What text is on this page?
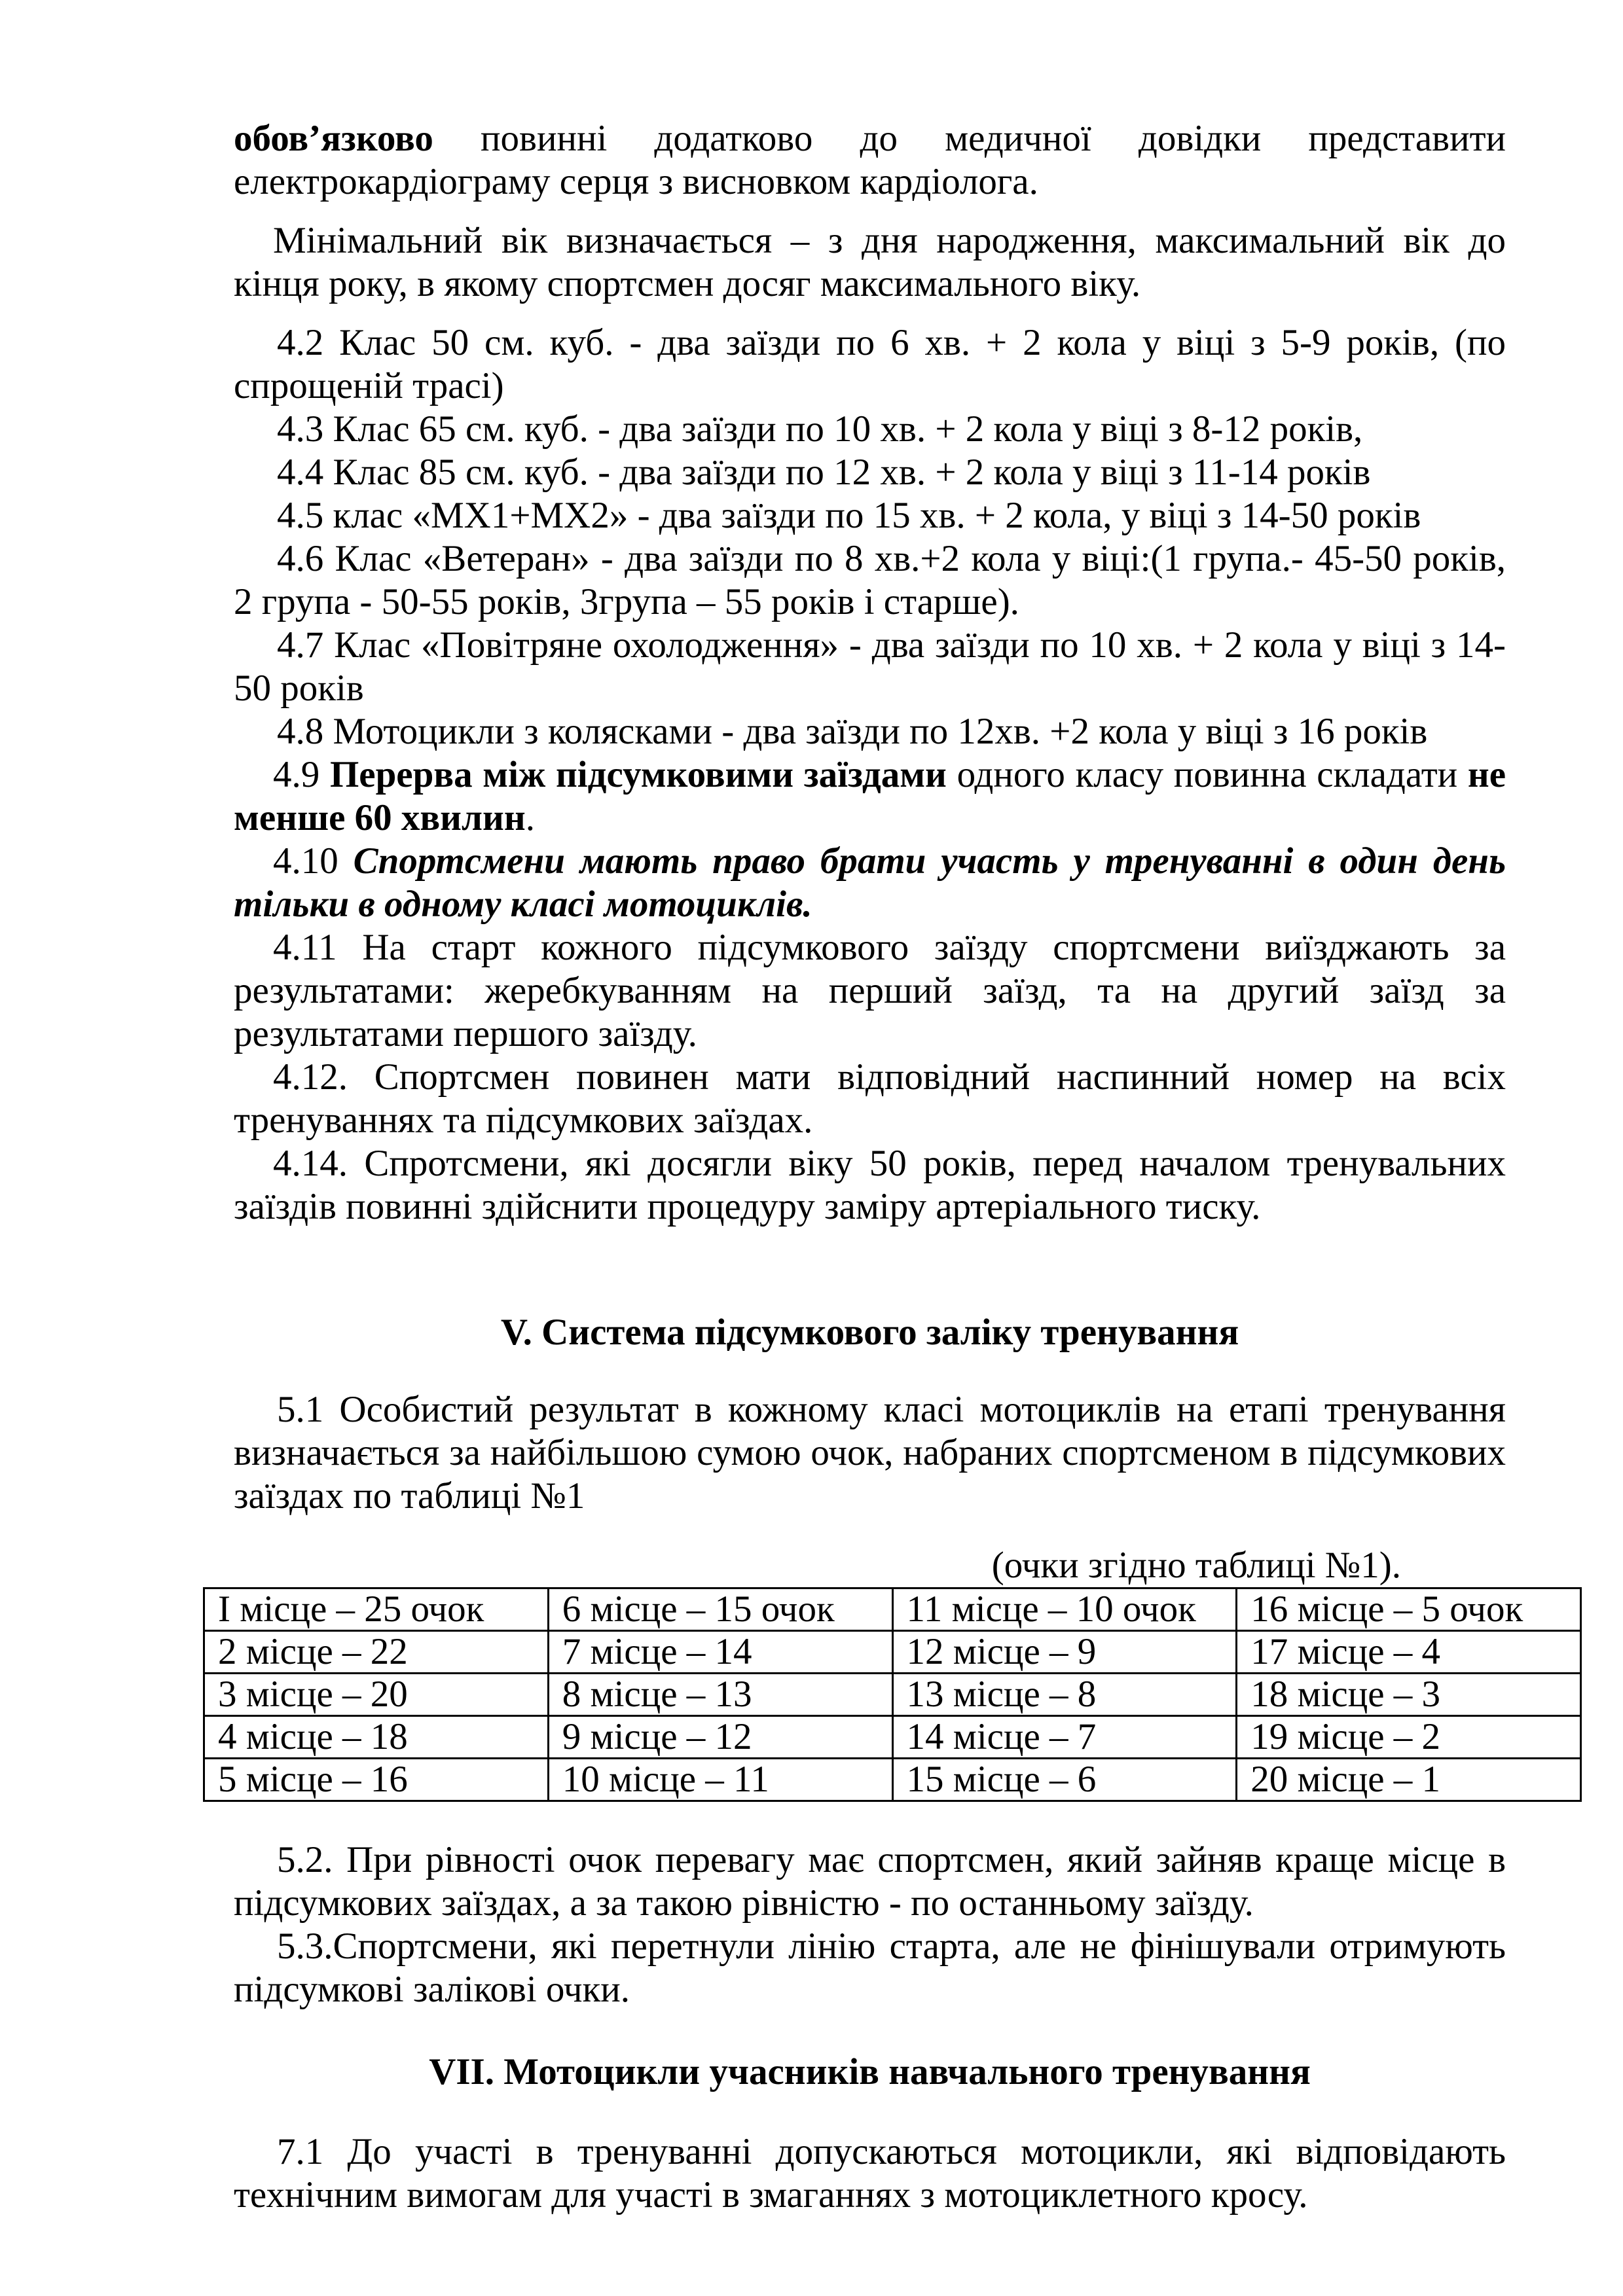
обов’язково повинні додатково до медичної довідки представити електрокардіограму серця з висновком кардіолога.

Мінімальний вік визначається – з дня народження, максимальний вік до кінця року, в якому спортсмен досяг максимального віку.

4.2 Клас 50 см. куб. - два заїзди по 6 хв. + 2 кола у віці з 5-9 років, (по спрощеній трасі)

4.3 Клас 65 см. куб. - два заїзди по 10 хв. + 2 кола у віці з 8-12 років,

4.4 Клас 85 см. куб. - два заїзди по 12 хв. + 2 кола у віці з 11-14 років

4.5 клас «MX1+MX2» - два заїзди по 15 хв. + 2 кола, у віці з 14-50 років

4.6 Клас «Ветеран» - два заїзди по 8 хв.+2 кола у віці:(1 група.- 45-50 років, 2 група - 50-55 років, 3група – 55 років і старше).

4.7 Клас «Повітряне охолодження» - два заїзди по 10 хв. + 2 кола у віці з 14-50 років

4.8 Мотоцикли з колясками - два заїзди по 12хв. +2 кола у віці з 16 років

4.9 Перерва між підсумковими заїздами одного класу повинна складати не менше 60 хвилин.

4.10 Спортсмени мають право брати участь у тренуванні в один день тільки в одному класі мотоциклів.

4.11 На старт кожного підсумкового заїзду спортсмени виїзджають за результатами: жеребкуванням на перший заїзд, та на другий заїзд за результатами першого заїзду.

4.12. Спортсмен повинен мати відповідний наспинний номер на всіх тренуваннях та підсумкових заїздах.

4.14. Спротсмени, які досягли віку 50 років, перед началом тренувальних заїздів повинні здійснити процедуру заміру артеріального тиску.

V. Система підсумкового заліку тренування

5.1 Особистий результат в кожному класі мотоциклів на етапі тренування визначається за найбільшою сумою очок, набраних спортсменом в підсумкових заїздах по таблиці №1

(очки згідно таблиці №1).
I місце – 25 очок	6 місце – 15 очок	11 місце – 10 очок	16 місце – 5 очок
2 місце – 22	7 місце – 14	12 місце – 9	17 місце – 4
3 місце – 20	8 місце – 13	13 місце – 8	18 місце – 3
4 місце – 18	9 місце – 12	14 місце – 7	19 місце – 2
5 місце – 16	10 місце – 11	15 місце – 6	20 місце – 1

5.2. При рівності очок перевагу має спортсмен, який зайняв краще місце в підсумкових заїздах, а за такою рівністю - по останньому заїзду.

5.3.Спортсмени, які перетнули лінію старта, але не фінішували отримують підсумкові залікові очки.

VII. Мотоцикли учасників навчального тренування

7.1 До участі в тренуванні допускаються мотоцикли, які відповідають технічним вимогам для участі в змаганнях з мотоциклетного кросу.
